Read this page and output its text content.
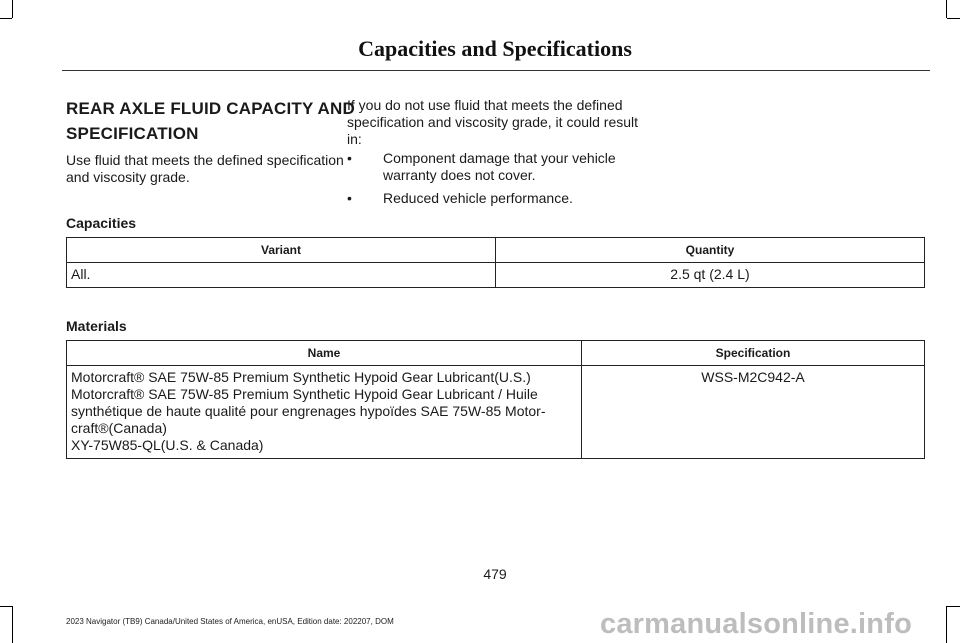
Capacities and Specifications
REAR AXLE FLUID CAPACITY AND
SPECIFICATION
Use fluid that meets the defined specification and viscosity grade.
If you do not use fluid that meets the defined specification and viscosity grade, it could result in:
• Component damage that your vehicle warranty does not cover.
• Reduced vehicle performance.
Capacities
Variant	Quantity
All.	2.5 qt (2.4 L)
Materials
Name	Specification

Motorcraft® SAE 75W-85 Premium Synthetic Hypoid Gear Lubricant(U.S.)
Motorcraft® SAE 75W-85 Premium Synthetic Hypoid Gear Lubricant / Huile
synthétique de haute qualité pour engrenages hypoïdes SAE 75W-85 Motor-
craft®(Canada)
XY-75W85-QL(U.S. & Canada)	WSS-M2C942-A
479
2023 Navigator (TB9) Canada/United States of America, enUSA, Edition date: 202207, DOM	carmanualsonline.info
